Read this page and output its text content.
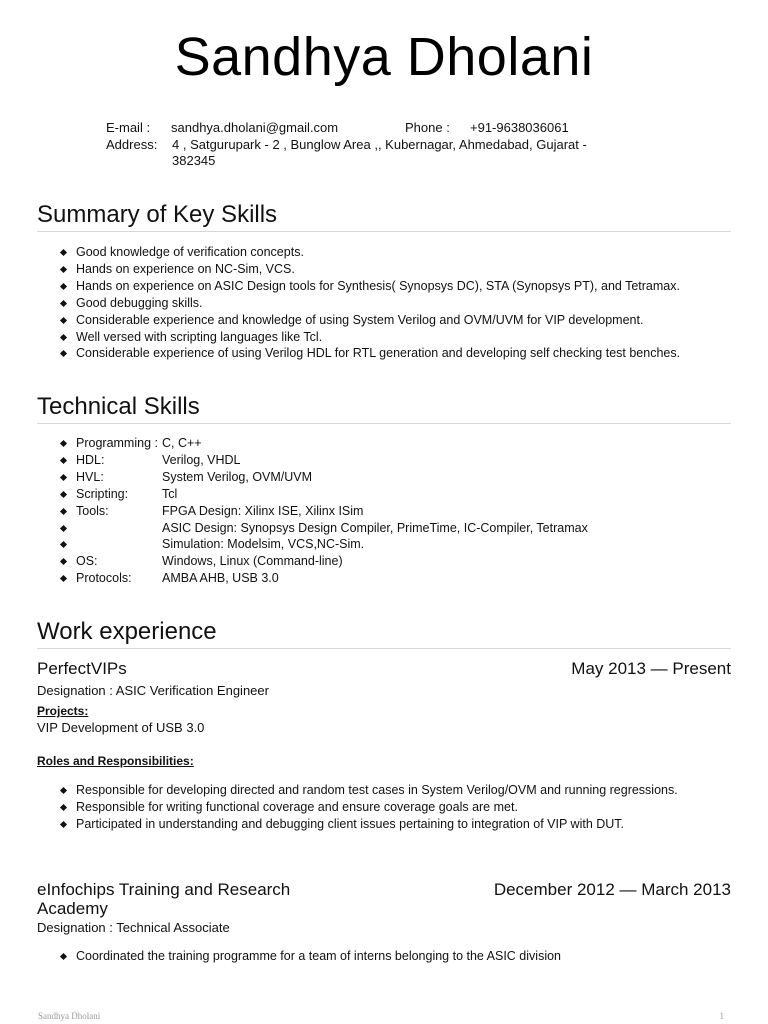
Sandhya Dholani
E-mail : sandhya.dholani@gmail.com	Phone : +91-9638036061
Address: 4 , Satgurupark - 2 , Bunglow Area ,, Kubernagar, Ahmedabad, Gujarat - 382345
Summary of Key Skills
Good knowledge of verification concepts.
Hands on experience on NC-Sim, VCS.
Hands on experience on ASIC Design tools for Synthesis( Synopsys DC), STA (Synopsys PT), and Tetramax.
Good debugging skills.
Considerable experience and knowledge of using System Verilog and OVM/UVM for VIP development.
Well versed with scripting languages like Tcl.
Considerable experience of using Verilog HDL for RTL generation and developing self checking test benches.
Technical Skills
Programming : C, C++
HDL:	Verilog, VHDL
HVL:	System Verilog, OVM/UVM
Scripting:	Tcl
Tools:	FPGA Design: Xilinx ISE, Xilinx ISim
ASIC Design: Synopsys Design Compiler, PrimeTime, IC-Compiler, Tetramax
Simulation: Modelsim, VCS,NC-Sim.
OS:	Windows, Linux (Command-line)
Protocols: AMBA AHB, USB 3.0
Work experience
PerfectVIPs	May 2013 — Present
Designation : ASIC Verification Engineer
Projects:
VIP Development of USB 3.0
Roles and Responsibilities:
Responsible for developing directed and random test cases in System Verilog/OVM and running regressions.
Responsible for writing functional coverage and ensure coverage goals are met.
Participated in understanding and debugging client issues pertaining to integration of VIP with DUT.
eInfochips Training and Research
Academy
December 2012 — March 2013
Designation : Technical Associate
Coordinated the training programme for a team of interns belonging to the ASIC division
Sandhya Dholani	1
